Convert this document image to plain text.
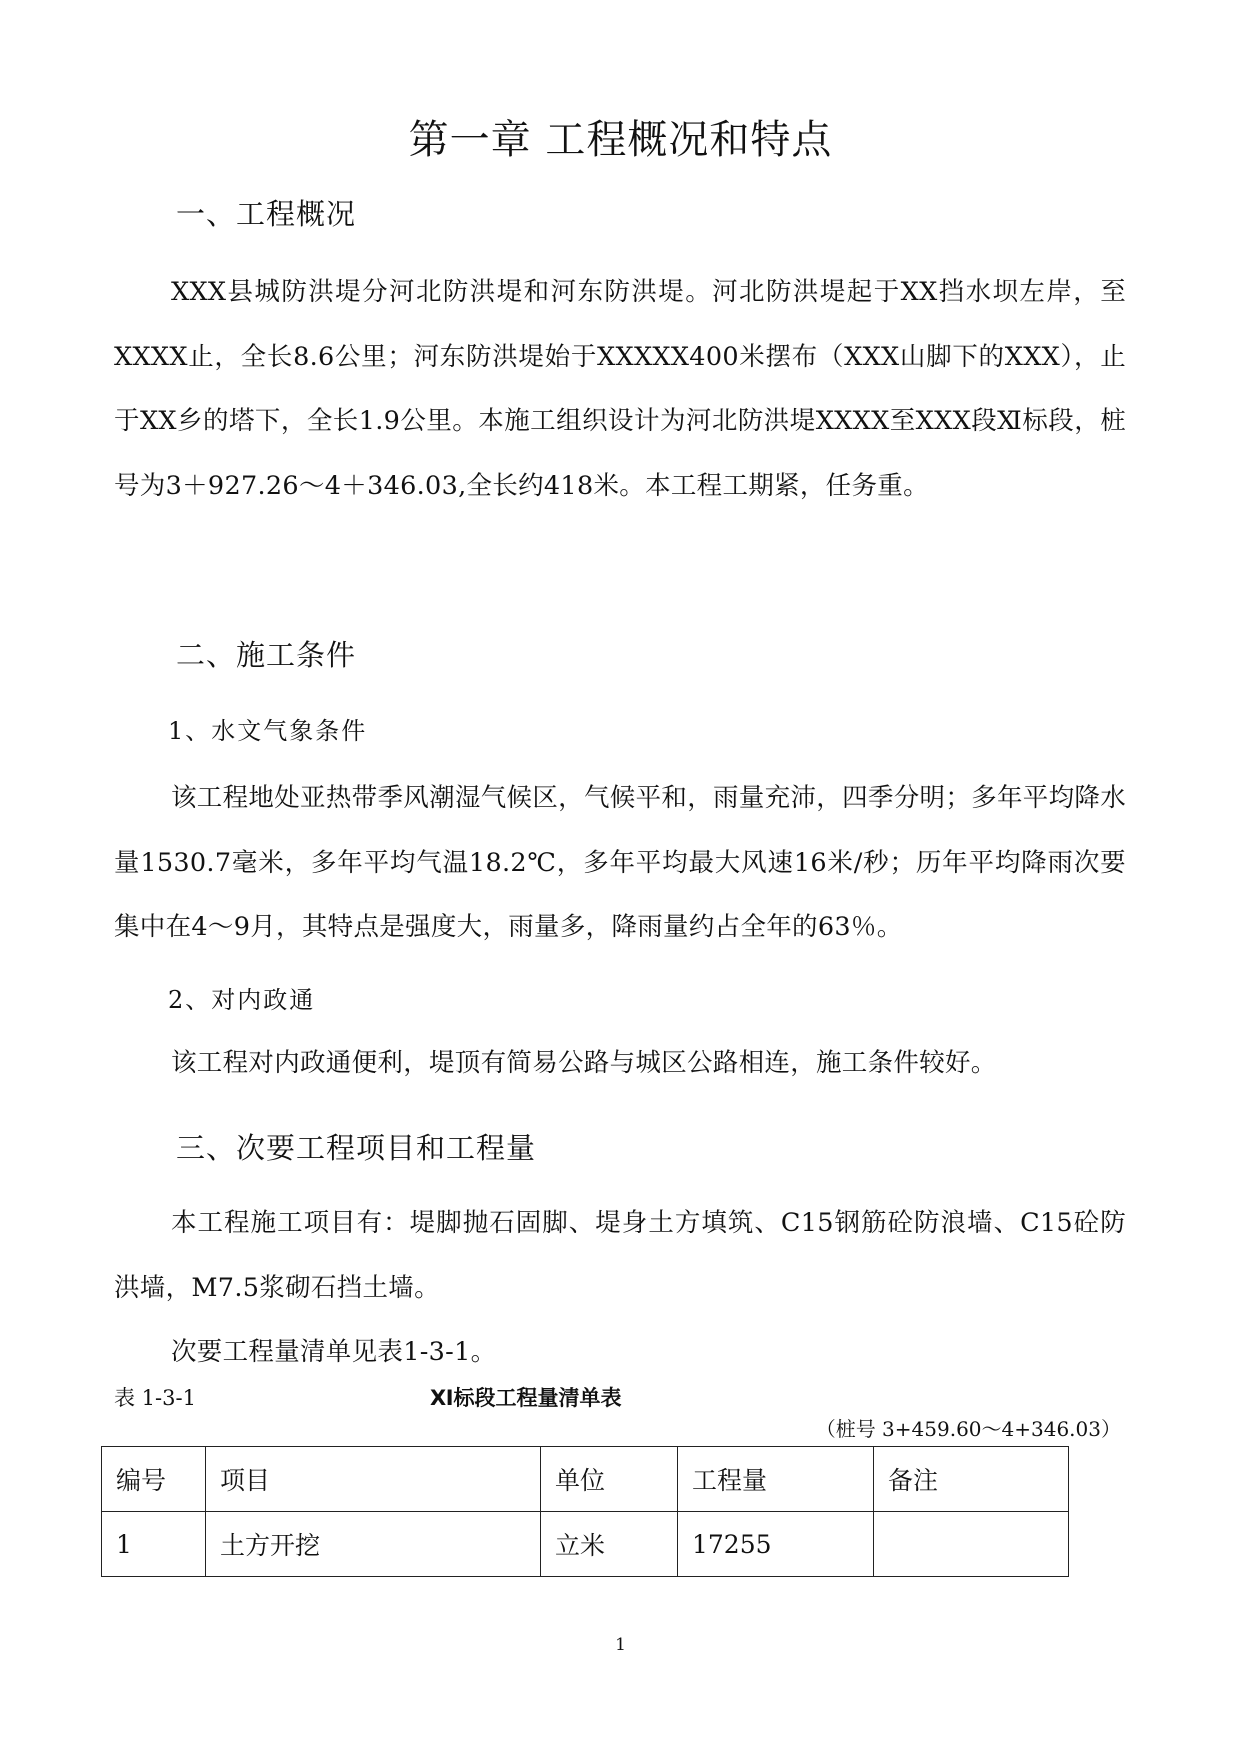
第一章 工程概况和特点
一、工程概况
XXX县城防洪堤分河北防洪堤和河东防洪堤。河北防洪堤起于XX挡水坝左岸，至XXXX止，全长8.6公里；河东防洪堤始于XXXXX400米摆布（XXX山脚下的XXX），止于XX乡的塔下，全长1.9公里。本施工组织设计为河北防洪堤XXXX至XXX段Ⅺ标段，桩号为3＋927.26～4＋346.03,全长约418米。本工程工期紧，任务重。
二、施工条件
1、水文气象条件
该工程地处亚热带季风潮湿气候区，气候平和，雨量充沛，四季分明；多年平均降水量1530.7毫米，多年平均气温18.2℃，多年平均最大风速16米/秒；历年平均降雨次要集中在4～9月，其特点是强度大，雨量多，降雨量约占全年的63％。
2、对内政通
该工程对内政通便利，堤顶有简易公路与城区公路相连，施工条件较好。
三、次要工程项目和工程量
本工程施工项目有：堤脚抛石固脚、堤身土方填筑、C15钢筋砼防浪墙、C15砼防洪墙，M7.5浆砌石挡土墙。
次要工程量清单见表1-3-1。
表 1-3-1	Ⅺ标段工程量清单表
（桩号 3+459.60～4+346.03）
编号	项目	单位	工程量	备注
1	土方开挖	立米	17255	
1
